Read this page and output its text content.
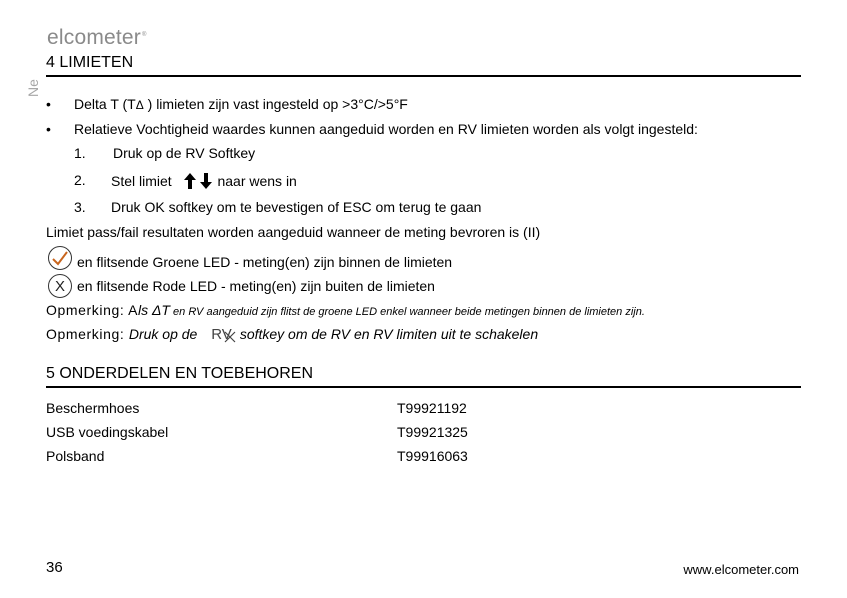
elcometer®
Ne
4 LIMIETEN
• Delta T (TΔ ) limieten zijn vast ingesteld op >3°C/>5°F
• Relatieve Vochtigheid waardes kunnen aangeduid worden en RV limieten worden als volgt ingesteld:
1. Druk op de RV Softkey
2. Stel limiet	naar wens in
3. Druk OK softkey om te bevestigen of ESC om terug te gaan
Limiet pass/fail resultaten worden aangeduid wanneer de meting bevroren is (II)
en flitsende Groene LED - meting(en) zijn binnen de limieten
X en flitsende Rode LED - meting(en) zijn buiten de limieten
Opmerking: Als ΔT en RV aangeduid zijn flitst de groene LED enkel wanneer beide metingen binnen de limieten zijn.
Opmerking: Druk op de RV softkey om de RV en RV limiten uit te schakelen
5 ONDERDELEN EN TOEBEHOREN
Beschermhoes	T99921192
USB voedingskabel	T99921325
Polsband	T99916063
36	www.elcometer.com
